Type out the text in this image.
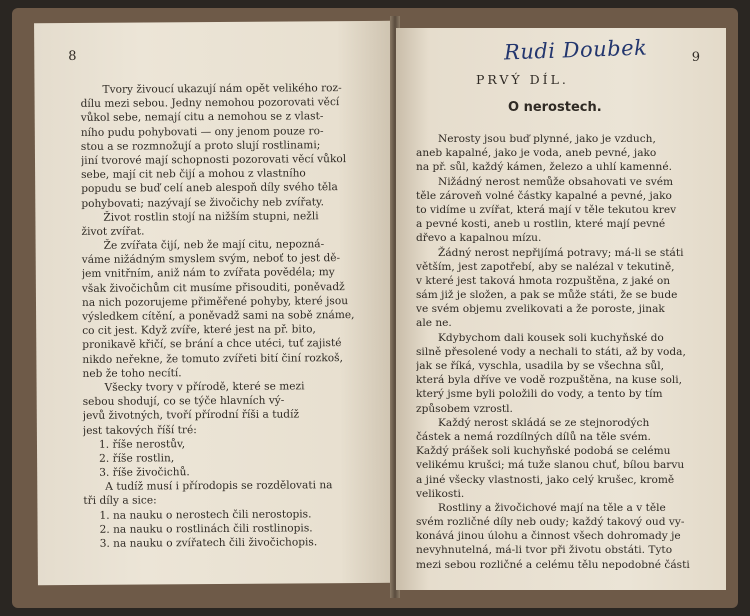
8
Tvory živoucí ukazují nám opět velikého roz-
dílu mezi sebou. Jedny nemohou pozorovati věcí
vůkol sebe, nemají citu a nemohou se z vlast-
ního pudu pohybovati — ony jenom pouze ro-
stou a se rozmnožují a proto slují rostlinami;
jiní tvorové mají schopnosti pozorovati věcí vůkol
sebe, mají cit neb čijí a mohou z vlastního
popudu se buď celí aneb alespoň díly svého těla
pohybovati; nazývají se živočichy neb zvířaty.
Život rostlin stojí na nižším stupni, nežli
život zvířat.
Že zvířata čijí, neb že mají citu, nepozná-
váme nižádným smyslem svým, neboť to jest dě-
jem vnitřním, aniž nám to zvířata povědéla; my
však živočichům cit musíme přisouditi, poněvadž
na nich pozorujeme přiměřené pohyby, které jsou
výsledkem cítění, a poněvadž sami na sobě známe,
co cit jest. Když zvíře, které jest na př. bito,
pronikavě křičí, se brání a chce utéci, tuť zajisté
nikdo neřekne, že tomuto zvířeti bití činí rozkoš,
neb že toho necítí.
Všecky tvory v přírodě, které se mezi
sebou shodují, co se týče hlavních vý-
jevů životných, tvoří přírodní říši a tudíž
jest takových říší tré:
1. říše nerostův,
2. říše rostlin,
3. říše živočichů.
A tudíž musí i přírodopis se rozdělovati na
tři díly a sice:
1. na nauku o nerostech čili nerostopis.
2. na nauku o rostlinách čili rostlinopis.
3. na nauku o zvířatech čili živočichopis.
Rudi Doubek	9
PRVÝ DÍL.
O nerostech.
Nerosty jsou buď plynné, jako je vzduch,
aneb kapalné, jako je voda, aneb pevné, jako
na př. sůl, každý kámen, železo a uhlí kamenné.
Nižádný nerost nemůže obsahovati ve svém
těle zároveň volné částky kapalné a pevné, jako
to vidíme u zvířat, která mají v těle tekutou krev
a pevné kosti, aneb u rostlin, které mají pevné
dřevo a kapalnou mízu.
Žádný nerost nepřijímá potravy; má-li se státi
větším, jest zapotřebí, aby se nalézal v tekutině,
v které jest taková hmota rozpuštěna, z jaké on
sám již je složen, a pak se může státi, že se bude
ve svém objemu zvelikovati a že poroste, jinak
ale ne.
Kdybychom dali kousek soli kuchyňské do
silně přesolené vody a nechali to státi, až by voda,
jak se říká, vyschla, usadila by se všechna sůl,
která byla dříve ve vodě rozpuštěna, na kuse soli,
který jsme byli položili do vody, a tento by tím
způsobem vzrostl.
Každý nerost skládá se ze stejnorodých
částek a nemá rozdílných dílů na těle svém.
Každý prášek soli kuchyňské podobá se celému
velikému krušci; má tuže slanou chuť, bílou barvu
a jiné všecky vlastnosti, jako celý krušec, kromě
velikosti.
Rostliny a živočichové mají na těle a v těle
svém rozličné díly neb oudy; každý takový oud vy-
konává jinou úlohu a činnost všech dohromady je
nevyhnutelná, má-li tvor při životu obstáti. Tyto
mezi sebou rozličné a celému tělu nepodobné části
